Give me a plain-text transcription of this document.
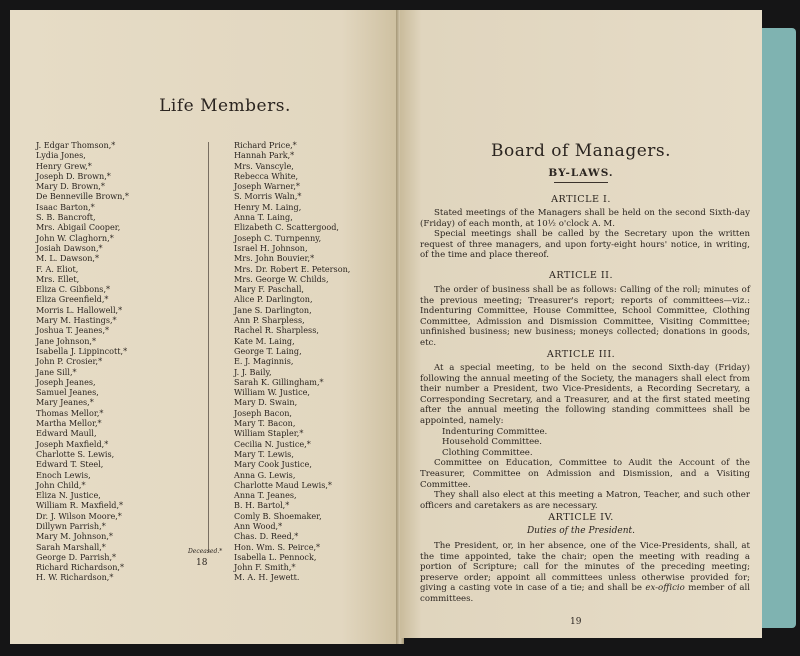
Life Members.
J. Edgar Thomson,*
Lydia Jones,
Henry Grew,*
Joseph D. Brown,*
Mary D. Brown,*
De Benneville Brown,*
Isaac Barton,*
S. B. Bancroft,
Mrs. Abigail Cooper,
John W. Claghorn,*
Josiah Dawson,*
M. L. Dawson,*
F. A. Eliot,
Mrs. Ellet,
Eliza C. Gibbons,*
Eliza Greenfield,*
Morris L. Hallowell,*
Mary M. Hastings,*
Joshua T. Jeanes,*
Jane Johnson,*
Isabella J. Lippincott,*
John P. Crosier,*
Jane Sill,*
Joseph Jeanes,
Samuel Jeanes,
Mary Jeanes,*
Thomas Mellor,*
Martha Mellor,*
Edward Maull,
Joseph Maxfield,*
Charlotte S. Lewis,
Edward T. Steel,
Enoch Lewis,
John Child,*
Eliza N. Justice,
William R. Maxfield,*
Dr. J. Wilson Moore,*
Dillywn Parrish,*
Mary M. Johnson,*
Sarah Marshall,*
George D. Parrish,*
Richard Richardson,*
H. W. Richardson,*
Richard Price,*
Hannah Park,*
Mrs. Vanscyle,
Rebecca White,
Joseph Warner,*
S. Morris Waln,*
Henry M. Laing,
Anna T. Laing,
Elizabeth C. Scattergood,
Joseph C. Turnpenny,
Israel H. Johnson,
Mrs. John Bouvier,*
Mrs. Dr. Robert E. Peterson,
Mrs. George W. Childs,
Mary F. Paschall,
Alice P. Darlington,
Jane S. Darlington,
Ann P. Sharpless,
Rachel R. Sharpless,
Kate M. Laing,
George T. Laing,
E. J. Maginnis,
J. J. Baily,
Sarah K. Gillingham,*
William W. Justice,
Mary D. Swain,
Joseph Bacon,
Mary T. Bacon,
William Stapler,*
Cecilia N. Justice,*
Mary T. Lewis,
Mary Cook Justice,
Anna G. Lewis,
Charlotte Maud Lewis,*
Anna T. Jeanes,
B. H. Bartol,*
Comly B. Shoemaker,
Ann Wood,*
Chas. D. Reed,*
Hon. Wm. S. Peirce,*
Isabella L. Pennock,
John F. Smith,*
M. A. H. Jewett.
Deceased.*
18
Board of Managers.
BY-LAWS.
ARTICLE I.

Stated meetings of the Managers shall be held on the second Sixth-day (Friday) of each month, at 10½ o'clock A. M.

Special meetings shall be called by the Secretary upon the written request of three managers, and upon forty-eight hours' notice, in writing, of the time and place thereof.

ARTICLE II.

The order of business shall be as follows: Calling of the roll; minutes of the previous meeting; Treasurer's report; reports of committees—viz.: Indenturing Committee, House Committee, School Committee, Clothing Committee, Admission and Dismission Committee, Visiting Committee; unfinished business; new business; moneys collected; donations in goods, etc.

ARTICLE III.

At a special meeting, to be held on the second Sixth-day (Friday) following the annual meeting of the Society, the managers shall elect from their number a President, two Vice-Presidents, a Recording Secretary, a Corresponding Secretary, and a Treasurer, and at the first stated meeting after the annual meeting the following standing committees shall be appointed, namely:

Indenturing Committee.

Household Committee.

Clothing Committee.

Committee on Education, Committee to Audit the Account of the Treasurer, Committee on Admission and Dismission, and a Visiting Committee.

They shall also elect at this meeting a Matron, Teacher, and such other officers and caretakers as are necessary.

ARTICLE IV.
Duties of the President.

The President, or, in her absence, one of the Vice-Presidents, shall, at the time appointed, take the chair; open the meeting with reading a portion of Scripture; call for the minutes of the preceding meeting; preserve order; appoint all committees unless otherwise provided for; giving a casting vote in case of a tie; and shall be ex-officio member of all committees.

19
